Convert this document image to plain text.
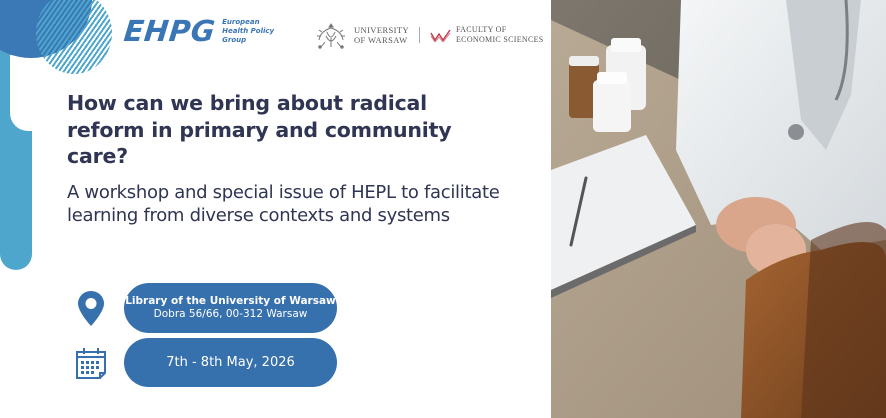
EHPG European
Health Policy
Group
UNIVERSITY
OF WARSAW
FACULTY OF
ECONOMIC SCIENCES
How can we bring about radical reform in primary and community care?

A workshop and special issue of HEPL to facilitate learning from diverse contexts and systems

Library of the University of Warsaw
Dobra 56/66, 00-312 Warsaw
7th - 8th May, 2026
